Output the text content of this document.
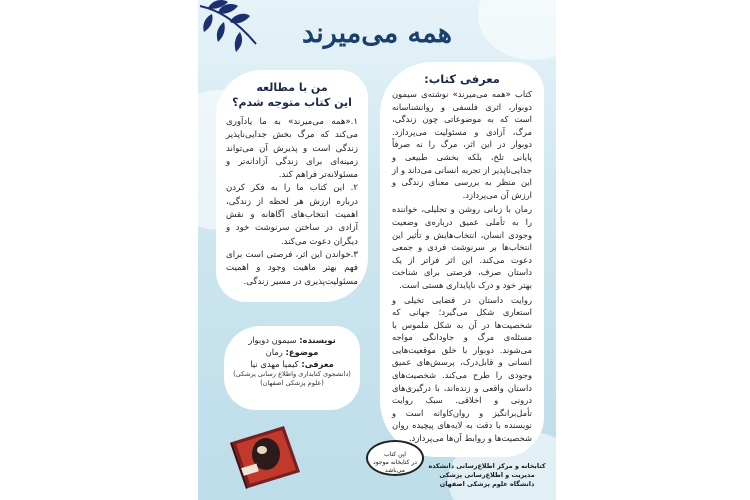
همه می‌میرند
من با مطالعه
این کتاب متوجه شدم؟

۱.«همه می‌میرند» به ما یادآوری می‌کند که مرگ بخش جدایی‌ناپذیر زندگی است و پذیرش آن می‌تواند زمینه‌ای برای زندگی آزادانه‌تر و مسئولانه‌تر فراهم کند.

۲. این کتاب ما را به فکر کردن درباره ارزش هر لحظه از زندگی، اهمیت انتخاب‌های آگاهانه و نقش آزادی در ساختن سرنوشت خود و دیگران دعوت می‌کند.

۳.خواندن این اثر، فرصتی است برای فهم بهتر ماهیت وجود و اهمیت مسئولیت‌پذیری در مسیر زندگی.

معرفی کتاب:

کتاب «همه می‌میرند» نوشته‌ی سیمون دوبوار، اثری فلسفی و روانشناسانه است که به موضوعاتی چون زندگی، مرگ، آزادی و مسئولیت می‌پردازد. دوبوار در این اثر، مرگ را نه صرفاً پایانی تلخ، بلکه بخشی طبیعی و جدایی‌ناپذیر از تجربه انسانی می‌داند و از این منظر به بررسی معنای زندگی و ارزش آن می‌پردازد.

رمان با زبانی روشن و تحلیلی، خواننده را به تأملی عمیق درباره‌ی وضعیت وجودی انسان، انتخاب‌هایش و تأثیر این انتخاب‌ها بر سرنوشت فردی و جمعی دعوت می‌کند. این اثر فراتر از یک داستان صرف، فرصتی برای شناخت بهتر خود و درک ناپایداری هستی است.

روایت داستان در فضایی تخیلی و استعاری شکل می‌گیرد؛ جهانی که شخصیت‌ها در آن به شکل ملموس با مسئله‌ی مرگ و جاودانگی مواجه می‌شوند. دوبوار با خلق موقعیت‌هایی انسانی و قابل‌درک، پرسش‌های عمیق وجودی را طرح می‌کند. شخصیت‌های داستان واقعی و زنده‌اند، با درگیری‌های درونی و اخلاقی. سبک روایت تأمل‌برانگیز و روان‌کاوانه است و نویسنده با دقت به لایه‌های پیچیده روان شخصیت‌ها و روابط آن‌ها می‌پردازد.

نویسنده: سیمون دوبوار
موضوع: رمان
معرفی: کیمیا مهدی نیا
(دانشجوی کتابداری واطلاع رسانی پزشکی)
(علوم پزشکی اصفهان)
این کتاب
در کتابخانه موجود می‌باشد
کتابخانه و مرکز اطلاع‌رسانی دانشکده مدیریت و اطلاع‌رسانی پزشکی
دانشگاه علوم پزشکی اصفهان
